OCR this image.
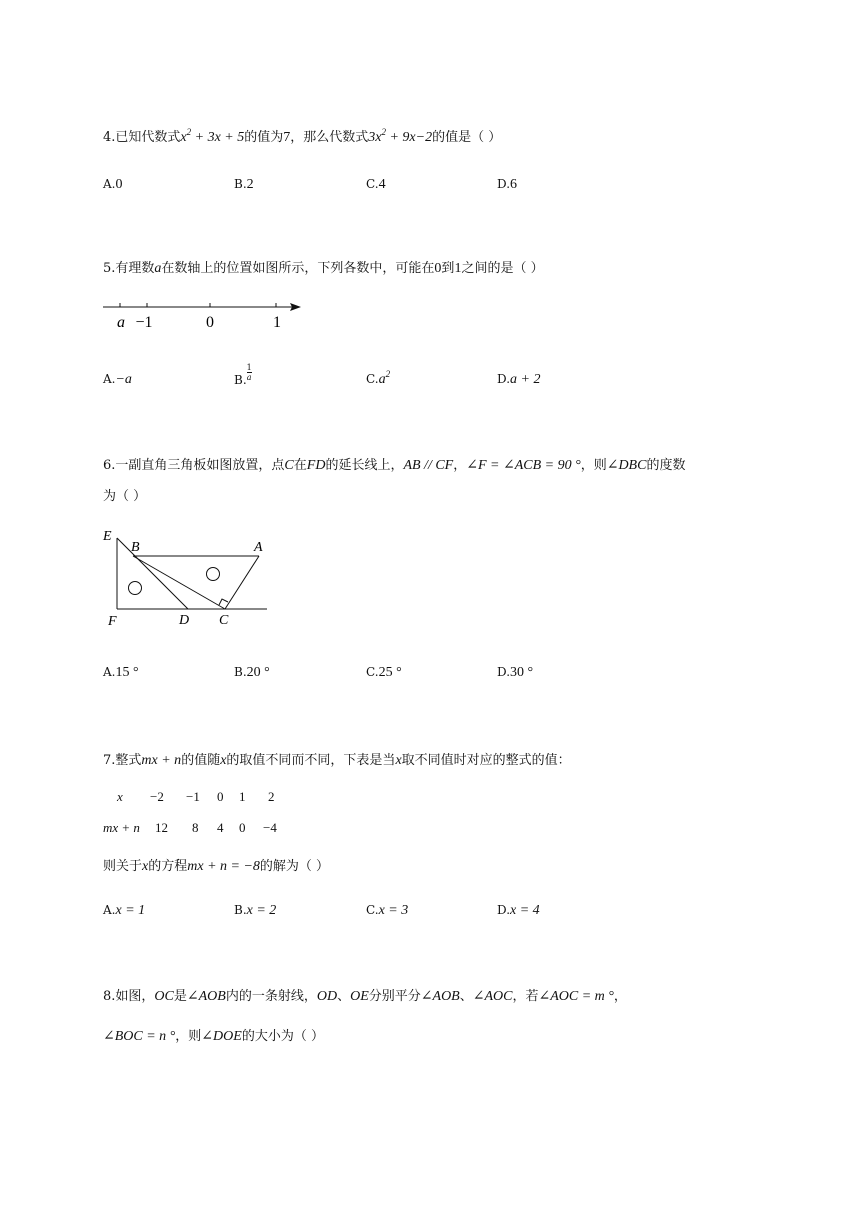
4.已知代数式$x^2 + 3x + 5$的值为7，那么代数式$3x^2 + 9x-2$的值是（ ）
A.0	B.2	C.4	D.6
5.有理数a在数轴上的位置如图所示，下列各数中，可能在0到1之间的是（ ）
a −1	0	1
A.−a	B. $\frac{1}{a}$	$C.a^2$	D.a + 2
6.一副直角三角板如图放置，点C在FD的延长线上，AB // CF，∠F = ∠ACB = 90 °，则∠DBC的度数
为（ ）
E
B	A
F	D C
A.15 °	B.20 °	C.25 °	D.30 °
7.整式mx + n的值随x的取值不同而不同，下表是当x取不同值时对应的整式的值：
x −2 −1 0 1 2
mx + n 12 8 4 0 −4
则关于x的方程mx + n = −8的解为（ ）
A.x = 1	B.x = 2	C.x = 3	D.x = 4
8.如图，OC是∠AOB内的一条射线，OD、OE分别平分∠AOB、∠AOC，若∠AOC = m °，
∠BOC = n °，则∠DOE的大小为（ ）
